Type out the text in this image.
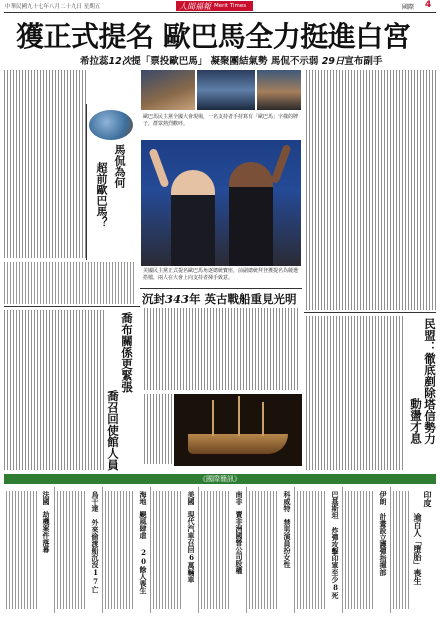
中華民國九十七年八月二十九日 星期五	人間福報 Merit Times	國際 4
獲正式提名 歐巴馬全力挺進白宮
希拉蕊12次提「票投歐巴馬」 凝聚團結氣勢 馬侃不示弱 29日宣布副手
馬侃為何
超前歐巴馬？
歐巴馬民主黨全國大會現場，一名支持者手持寫有「歐巴馬」字樣的牌子，群眾熱烈歡呼。
美國民主黨正式提名歐巴馬角逐總統寶座，前副總統拜登獲提名為競選搭檔，兩人在大會上向支持者揮手致意。
沉封343年 英古戰船重見光明
喬布關係更緊張
喬召回使館人員	民盟：徹底剷除塔信勢力
動盪才息
《國際簡訊》
印度
逾百人「墮胎」喪生
伊朗
計畫設立護彈指揮部
巴基斯坦
炸彈攻擊印軍至少8死
科威特
禁男演員扮女性
南非
賣非洲國營公司股權
美國
現代汽車召回6萬輛車
海地
颶風肆虐 20餘人喪生
烏干達
外來偷渡船沉沒17亡
法國
劫機案件落幕
